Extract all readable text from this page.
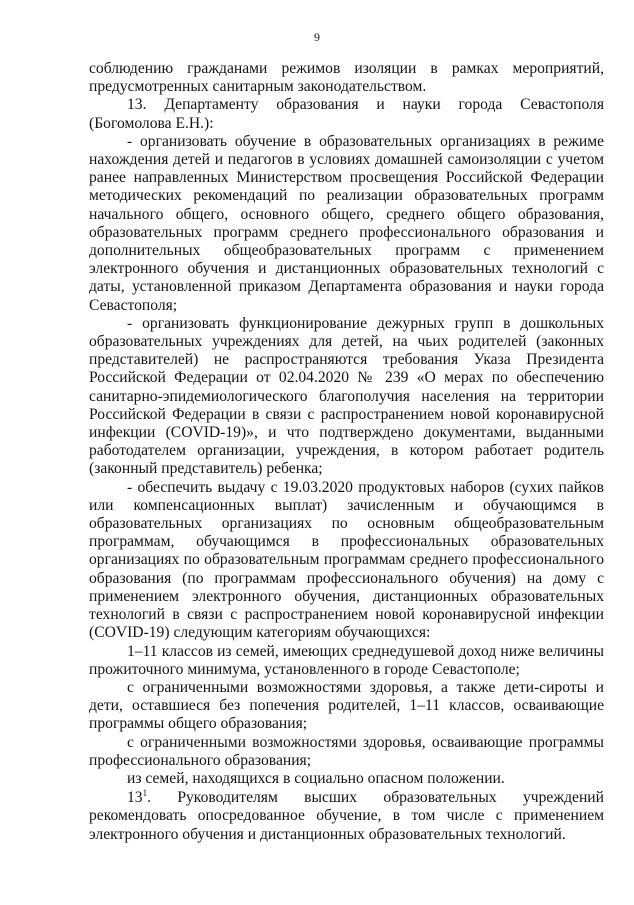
9

соблюдению гражданами режимов изоляции в рамках мероприятий, предусмотренных санитарным законодательством.

13. Департаменту образования и науки города Севастополя (Богомолова Е.Н.):

- организовать обучение в образовательных организациях в режиме нахождения детей и педагогов в условиях домашней самоизоляции с учетом ранее направленных Министерством просвещения Российской Федерации методических рекомендаций по реализации образовательных программ начального общего, основного общего, среднего общего образования, образовательных программ среднего профессионального образования и дополнительных общеобразовательных программ с применением электронного обучения и дистанционных образовательных технологий с даты, установленной приказом Департамента образования и науки города Севастополя;

- организовать функционирование дежурных групп в дошкольных образовательных учреждениях для детей, на чьих родителей (законных представителей) не распространяются требования Указа Президента Российской Федерации от 02.04.2020 № 239 «О мерах по обеспечению санитарно-эпидемиологического благополучия населения на территории Российской Федерации в связи с распространением новой коронавирусной инфекции (COVID-19)», и что подтверждено документами, выданными работодателем организации, учреждения, в котором работает родитель (законный представитель) ребенка;

- обеспечить выдачу с 19.03.2020 продуктовых наборов (сухих пайков или компенсационных выплат) зачисленным и обучающимся в образовательных организациях по основным общеобразовательным программам, обучающимся в профессиональных образовательных организациях по образовательным программам среднего профессионального образования (по программам профессионального обучения) на дому с применением электронного обучения, дистанционных образовательных технологий в связи с распространением новой коронавирусной инфекции (COVID-19) следующим категориям обучающихся:

1–11 классов из семей, имеющих среднедушевой доход ниже величины прожиточного минимума, установленного в городе Севастополе;

с ограниченными возможностями здоровья, а также дети-сироты и дети, оставшиеся без попечения родителей, 1–11 классов, осваивающие программы общего образования;

с ограниченными возможностями здоровья, осваивающие программы профессионального образования;

из семей, находящихся в социально опасном положении.

$13^1$. Руководителям высших образовательных учреждений рекомендовать опосредованное обучение, в том числе с применением электронного обучения и дистанционных образовательных технологий.
